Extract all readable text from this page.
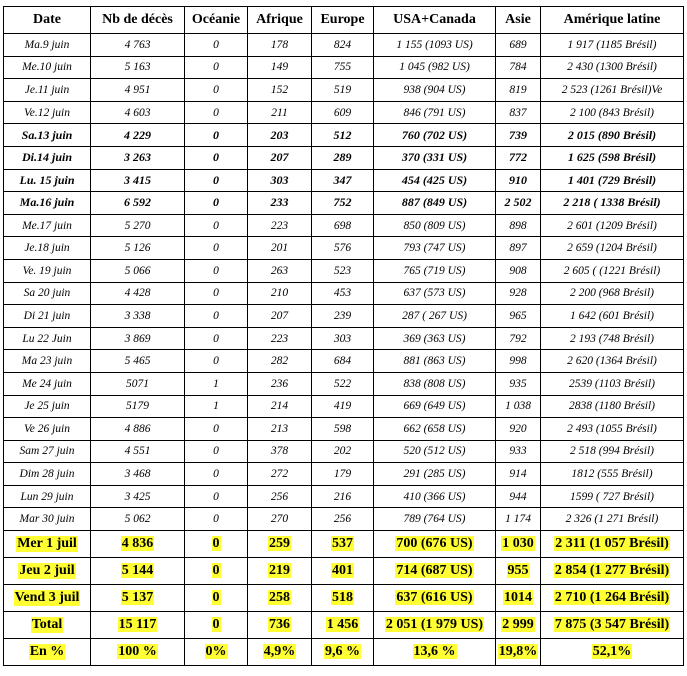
Date	Nb de décès	Océanie	Afrique	Europe	USA+Canada	Asie	Amérique latine
Ma.9 juin	4 763	0	178	824	1 155 (1093 US)	689	1 917 (1185 Brésil)
Me.10 juin	5 163	0	149	755	1 045 (982 US)	784	2 430 (1300 Brésil)
Je.11 juin	4 951	0	152	519	938 (904 US)	819	2 523 (1261 Brésil)Ve
Ve.12 juin	4 603	0	211	609	846 (791 US)	837	2 100 (843 Brésil)
Sa.13 juin	4 229	0	203	512	760 (702 US)	739	2 015 (890 Brésil)
Di.14 juin	3 263	0	207	289	370 (331 US)	772	1 625 (598 Brésil)
Lu. 15 juin	3 415	0	303	347	454 (425 US)	910	1 401 (729 Brésil)
Ma.16 juin	6 592	0	233	752	887 (849 US)	2 502	2 218 ( 1338 Brésil)
Me.17 juin	5 270	0	223	698	850 (809 US)	898	2 601 (1209 Brésil)
Je.18 juin	5 126	0	201	576	793 (747 US)	897	2 659 (1204 Brésil)
Ve. 19 juin	5 066	0	263	523	765 (719 US)	908	2 605 ( (1221 Brésil)
Sa 20 juin	4 428	0	210	453	637 (573 US)	928	2 200 (968 Brésil)
Di 21 juin	3 338	0	207	239	287 ( 267 US)	965	1 642 (601 Brésil)
Lu 22 Juin	3 869	0	223	303	369 (363 US)	792	2 193 (748 Brésil)
Ma 23 juin	5 465	0	282	684	881 (863 US)	998	2 620 (1364 Brésil)
Me 24 juin	5071	1	236	522	838 (808 US)	935	2539 (1103 Brésil)
Je 25 juin	5179	1	214	419	669 (649 US)	1 038	2838 (1180 Brésil)
Ve 26 juin	4 886	0	213	598	662 (658 US)	920	2 493 (1055 Brésil)
Sam 27 juin	4 551	0	378	202	520 (512 US)	933	2 518 (994 Brésil)
Dim 28 juin	3 468	0	272	179	291 (285 US)	914	1812 (555 Brésil)
Lun 29 juin	3 425	0	256	216	410 (366 US)	944	1599 ( 727 Brésil)
Mar 30 juin	5 062	0	270	256	789 (764 US)	1 174	2 326 (1 271 Brésil)
Mer 1 juil	4 836	0	259	537	700 (676 US)	1 030	2 311 (1 057 Brésil)
Jeu 2 juil	5 144	0	219	401	714 (687 US)	955	2 854 (1 277 Brésil)
Vend 3 juil	5 137	0	258	518	637 (616 US)	1014	2 710 (1 264 Brésil)
Total	15 117	0	736	1 456	2 051 (1 979 US)	2 999	7 875 (3 547 Brésil)
En %	100 %	0%	4,9%	9,6 %	13,6 %	19,8%	52,1%
